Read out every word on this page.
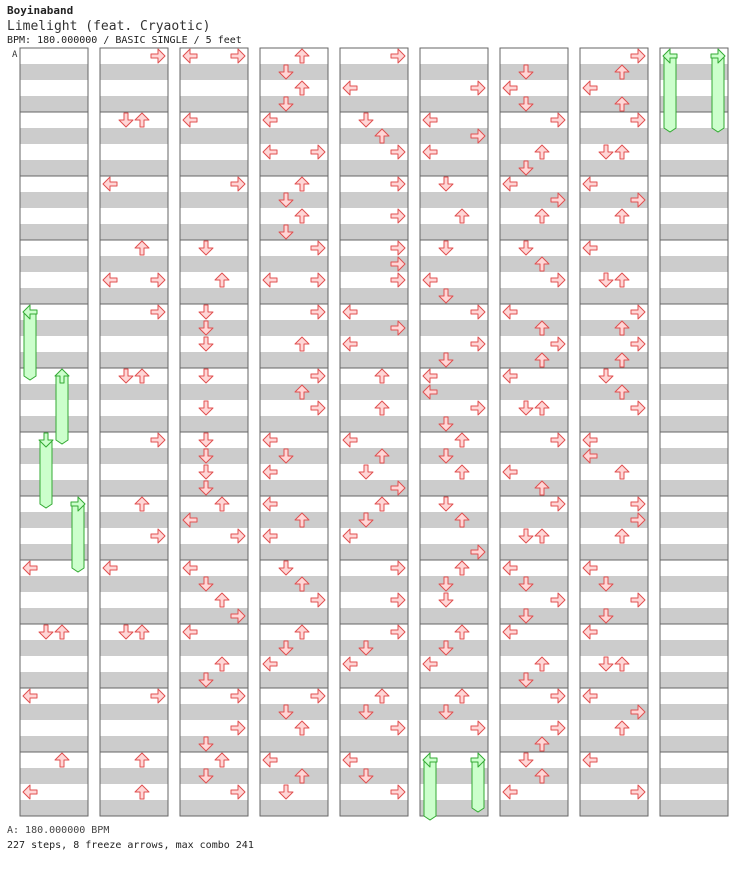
Boyinaband
Limelight (feat. Cryaotic)
BPM: 180.000000 / BASIC SINGLE / 5 feet
A
A: 180.000000 BPM
227 steps, 8 freeze arrows, max combo 241
